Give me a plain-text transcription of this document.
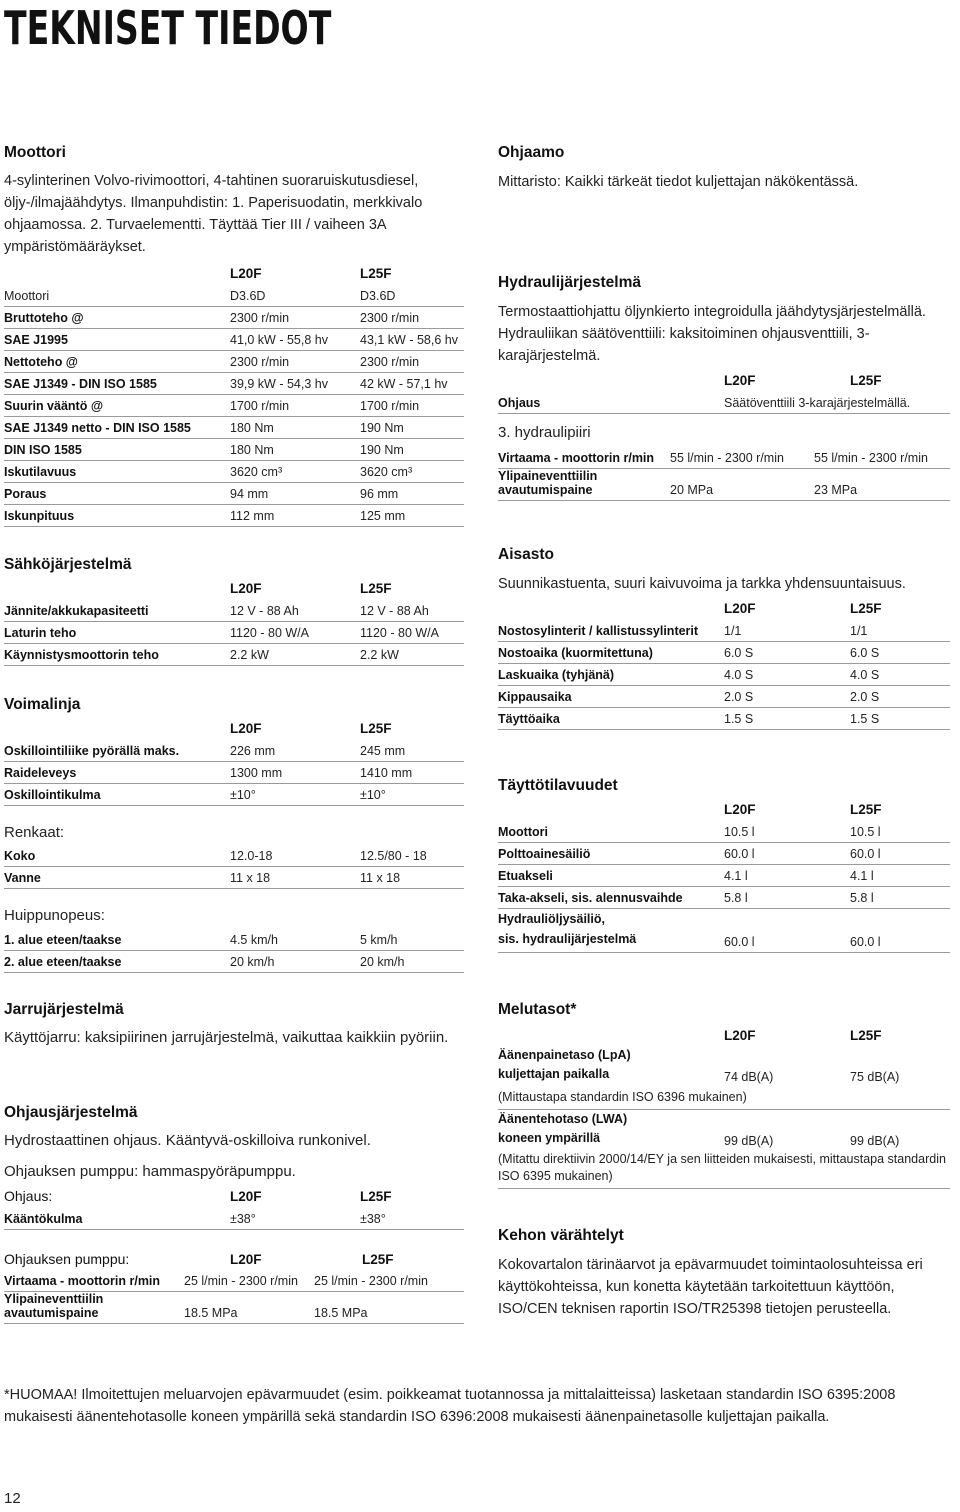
TEKNISET TIEDOT
Moottori
4-sylinterinen Volvo-rivimoottori, 4-tahtinen suoraruiskutusdiesel, öljy-/ilmajäähdytys. Ilmanpuhdistin: 1. Paperisuodatin, merkkivalo ohjaamossa. 2. Turvaelementti. Täyttää Tier III / vaiheen 3A ympäristömääräykset.
	L20F	L25F
Moottori	D3.6D	D3.6D
Bruttoteho @	2300 r/min	2300 r/min
SAE J1995	41,0 kW - 55,8 hv	43,1 kW - 58,6 hv
Nettoteho @	2300 r/min	2300 r/min
SAE J1349 - DIN ISO 1585	39,9 kW - 54,3 hv	42 kW - 57,1 hv
Suurin vääntö @	1700 r/min	1700 r/min
SAE J1349 netto - DIN ISO 1585	180 Nm	190 Nm
DIN ISO 1585	180 Nm	190 Nm
Iskutilavuus	3620 cm³	3620 cm³
Poraus	94 mm	96 mm
Iskunpituus	112 mm	125 mm
Sähköjärjestelmä
	L20F	L25F
Jännite/akkukapasiteetti	12 V - 88 Ah	12 V - 88 Ah
Laturin teho	1120 - 80 W/A	1120 - 80 W/A
Käynnistysmoottorin teho	2.2 kW	2.2 kW
Voimalinja
	L20F	L25F
Oskillointiliike pyörällä maks.	226 mm	245 mm
Raideleveys	1300 mm	1410 mm
Oskillointikulma	±10°	±10°
Renkaat:
Koko	12.0-18	12.5/80 - 18
Vanne	11 x 18	11 x 18
Huippunopeus:
1. alue eteen/taakse	4.5 km/h	5 km/h
2. alue eteen/taakse	20 km/h	20 km/h
Jarrujärjestelmä
Käyttöjarru: kaksipiirinen jarrujärjestelmä, vaikuttaa kaikkiin pyöriin.
Ohjausjärjestelmä
Hydrostaattinen ohjaus. Kääntyvä-oskilloiva runkonivel.
Ohjauksen pumppu: hammaspyöräpumppu.
Ohjaus:	L20F	L25F
Kääntökulma	±38°	±38°
Ohjauksen pumppu:	L20F	L25F
Virtaama - moottorin r/min	25 l/min - 2300 r/min	25 l/min - 2300 r/min
Ylipaineventtiilin avautumispaine	18.5 MPa	18.5 MPa
Ohjaamo
Mittaristo: Kaikki tärkeät tiedot kuljettajan näkökentässä.
Hydraulijärjestelmä
Termostaattiohjattu öljynkierto integroidulla jäähdytysjärjestelmällä. Hydrauliikan säätöventtiili: kaksitoiminen ohjausventtiili, 3-karajärjestelmä.
	L20F	L25F
Ohjaus	Säätöventtiili 3-karajärjestelmällä.	
3. hydraulipiiri
Virtaama - moottorin r/min	55 l/min - 2300 r/min	55 l/min - 2300 r/min
Ylipaineventtiilin avautumispaine	20 MPa	23 MPa
Aisasto
Suunnikastuenta, suuri kaivuvoima ja tarkka yhdensuuntaisuus.
	L20F	L25F
Nostosylinterit / kallistussylinterit	1/1	1/1
Nostoaika (kuormitettuna)	6.0 S	6.0 S
Laskuaika (tyhjänä)	4.0 S	4.0 S
Kippausaika	2.0 S	2.0 S
Täyttöaika	1.5 S	1.5 S
Täyttötilavuudet
	L20F	L25F
Moottori	10.5 l	10.5 l
Polttoainesäiliö	60.0 l	60.0 l
Etuakseli	4.1 l	4.1 l
Taka-akseli, sis. alennusvaihde	5.8 l	5.8 l

Hydrauliöljysäiliö,
sis. hydraulijärjestelmä	60.0 l	60.0 l
Melutasot*
	L20F	L25F

Äänenpainetaso (LpA)
kuljettajan paikalla	74 dB(A)	75 dB(A)
(Mittaustapa standardin ISO 6396 mukainen)		

Äänentehotaso (LWA)
koneen ympärillä	99 dB(A)	99 dB(A)
(Mitattu direktiivin 2000/14/EY ja sen liitteiden mukaisesti, mittaustapa standardin ISO 6395 mukainen)		
Kehon värähtelyt
Kokovartalon tärinäarvot ja epävarmuudet toimintaolosuhteissa eri käyttökohteissa, kun konetta käytetään tarkoitettuun käyttöön, ISO/CEN teknisen raportin ISO/TR25398 tietojen perusteella.
*HUOMAA! Ilmoitettujen meluarvojen epävarmuudet (esim. poikkeamat tuotannossa ja mittalaitteissa) lasketaan standardin ISO 6395:2008 mukaisesti äänentehotasolle koneen ympärillä sekä standardin ISO 6396:2008 mukaisesti äänenpainetasolle kuljettajan paikalla.
12
